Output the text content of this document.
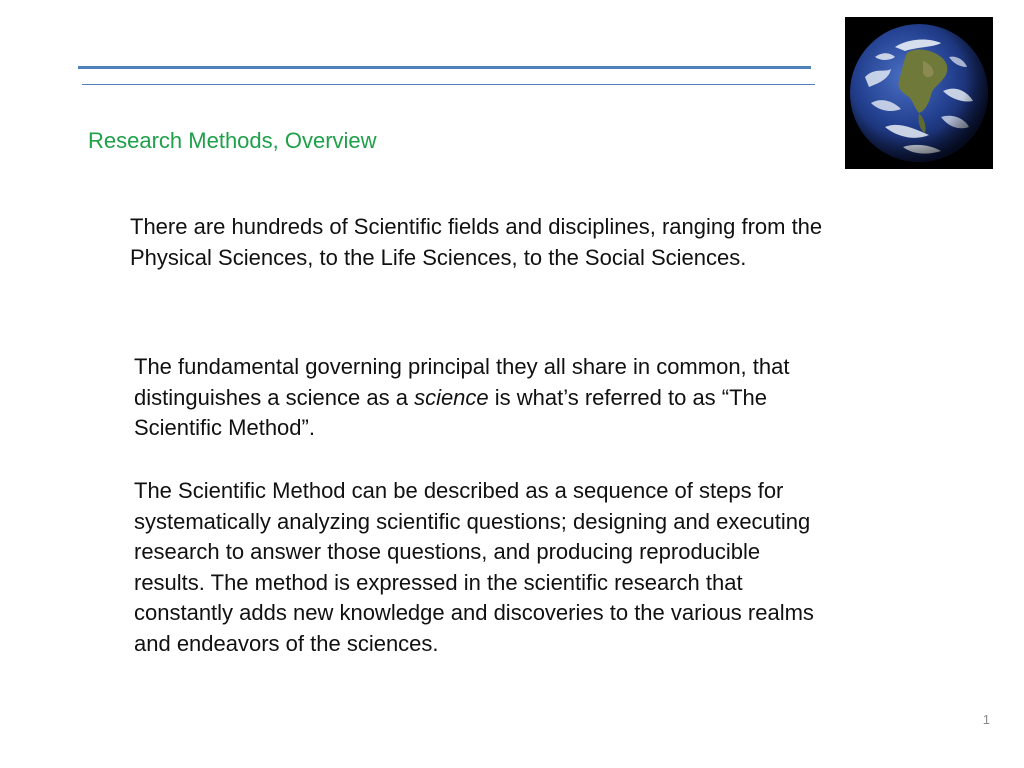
Research Methods, Overview
There are hundreds of Scientific fields and disciplines, ranging from the
Physical Sciences, to the Life Sciences, to the Social Sciences.
The fundamental governing principal they all share in common, that
distinguishes a science as a science is what’s referred to as “The
Scientific Method”.
The Scientific Method can be described as a sequence of steps for
systematically analyzing scientific questions; designing and executing
research to answer those questions, and producing reproducible
results. The method is expressed in the scientific research that
constantly adds new knowledge and discoveries to the various realms
and endeavors of the sciences.
1
